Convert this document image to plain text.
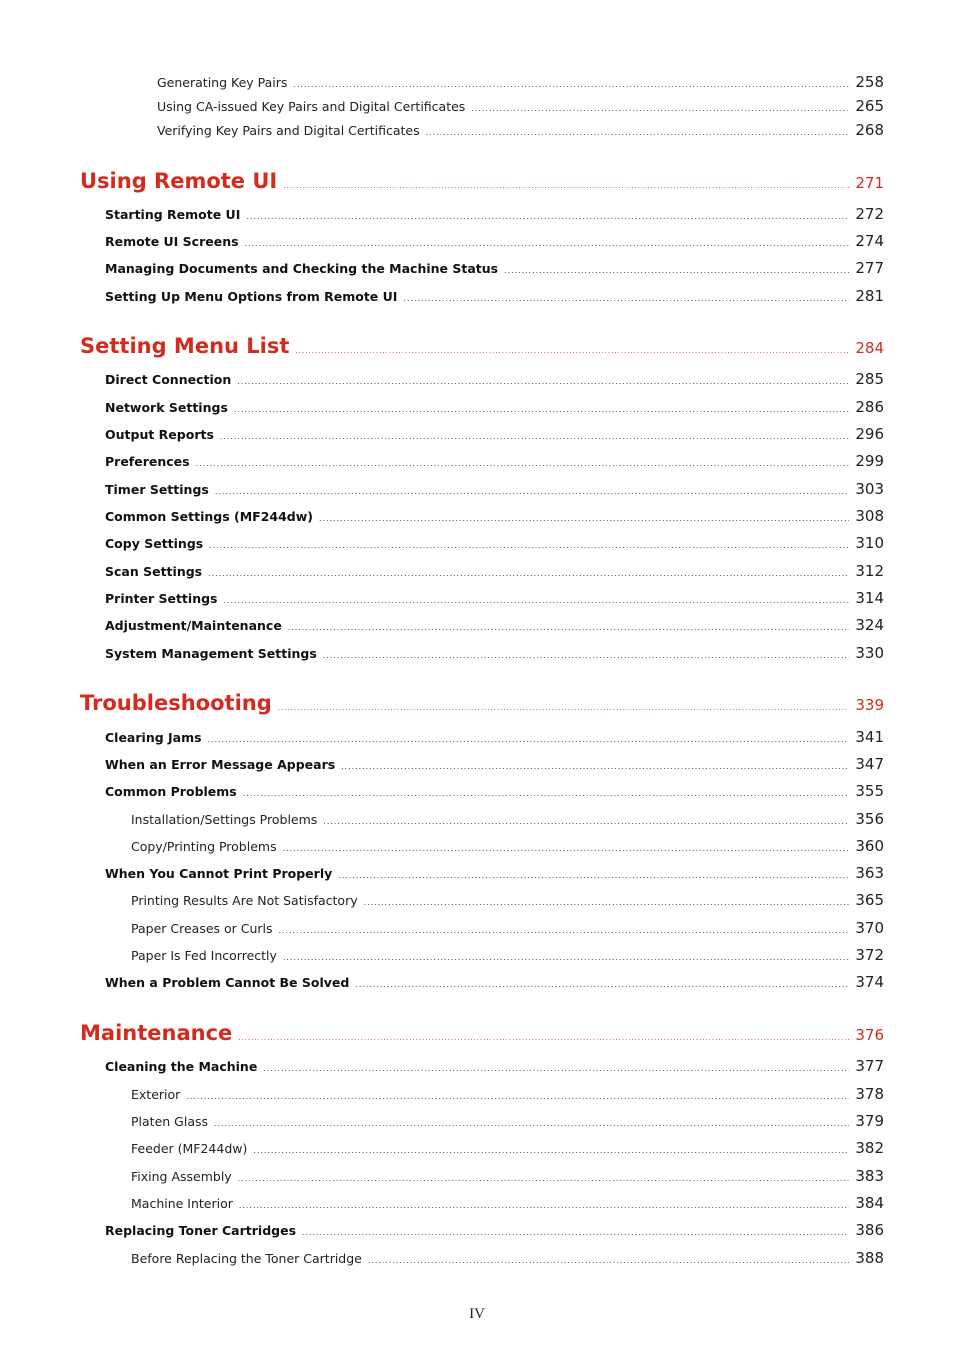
Generating Key Pairs .....	258
Using CA-issued Key Pairs and Digital Certificates .....	265
Verifying Key Pairs and Digital Certificates .....	268
Using Remote UI .....	271
Starting Remote UI .....	272
Remote UI Screens .....	274
Managing Documents and Checking the Machine Status .....	277
Setting Up Menu Options from Remote UI .....	281
Setting Menu List .....	284
Direct Connection .....	285
Network Settings .....	286
Output Reports .....	296
Preferences .....	299
Timer Settings .....	303
Common Settings (MF244dw) .....	308
Copy Settings .....	310
Scan Settings .....	312
Printer Settings .....	314
Adjustment/Maintenance .....	324
System Management Settings .....	330
Troubleshooting .....	339
Clearing Jams .....	341
When an Error Message Appears .....	347
Common Problems .....	355
Installation/Settings Problems .....	356
Copy/Printing Problems .....	360
When You Cannot Print Properly .....	363
Printing Results Are Not Satisfactory .....	365
Paper Creases or Curls .....	370
Paper Is Fed Incorrectly .....	372
When a Problem Cannot Be Solved .....	374
Maintenance .....	376
Cleaning the Machine .....	377
Exterior .....	378
Platen Glass .....	379
Feeder (MF244dw) .....	382
Fixing Assembly .....	383
Machine Interior .....	384
Replacing Toner Cartridges .....	386
Before Replacing the Toner Cartridge .....	388
IV
